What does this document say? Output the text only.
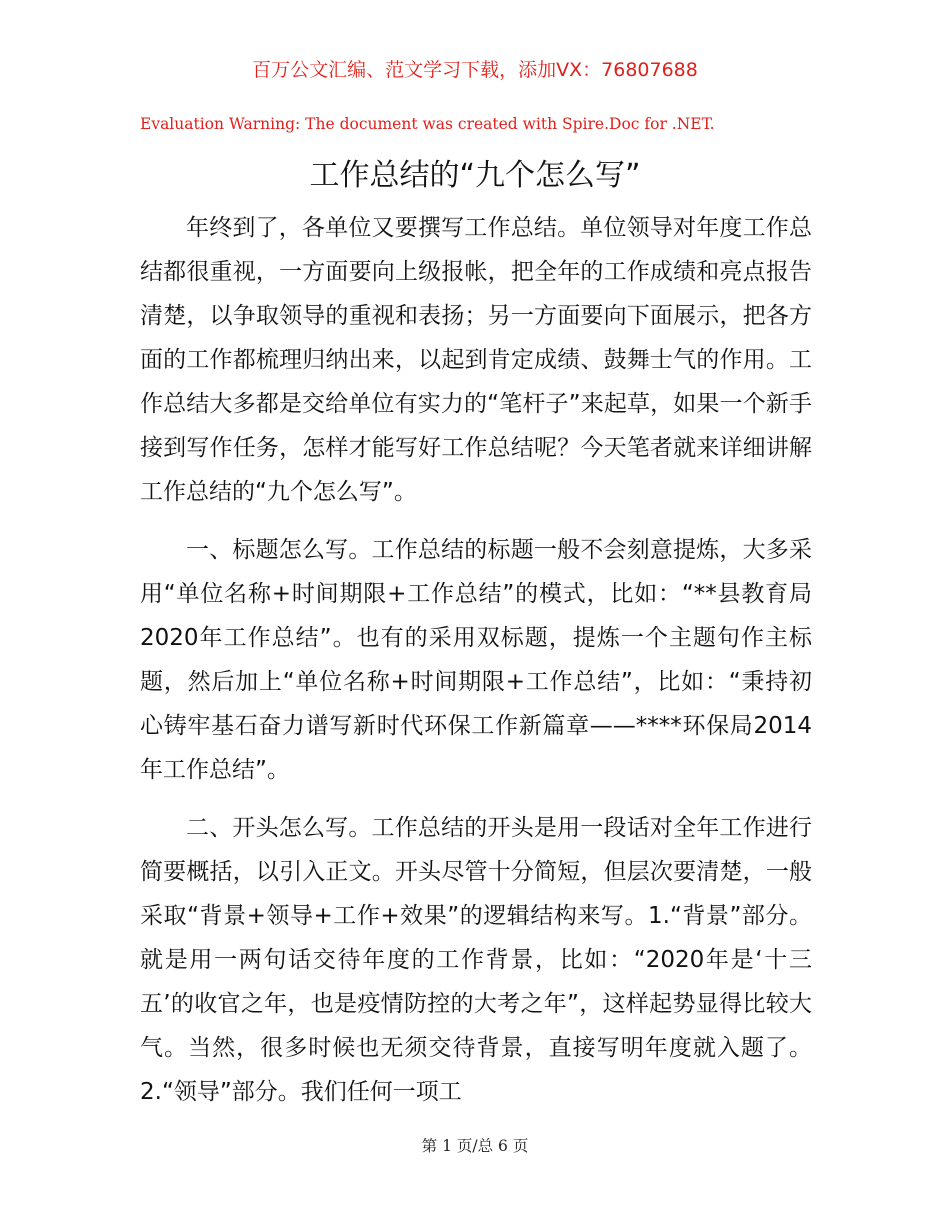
百万公文汇编、范文学习下载，添加VX：76807688
Evaluation Warning: The document was created with Spire.Doc for .NET.
工作总结的“九个怎么写”

年终到了，各单位又要撰写工作总结。单位领导对年度工作总结都很重视，一方面要向上级报帐，把全年的工作成绩和亮点报告清楚，以争取领导的重视和表扬；另一方面要向下面展示，把各方面的工作都梳理归纳出来，以起到肯定成绩、鼓舞士气的作用。工作总结大多都是交给单位有实力的“笔杆子”来起草，如果一个新手接到写作任务，怎样才能写好工作总结呢？今天笔者就来详细讲解工作总结的“九个怎么写”。

一、标题怎么写。工作总结的标题一般不会刻意提炼，大多采用“单位名称+时间期限+工作总结”的模式，比如：“**县教育局2020年工作总结”。也有的采用双标题，提炼一个主题句作主标题，然后加上“单位名称+时间期限+工作总结”，比如：“秉持初心铸牢基石奋力谱写新时代环保工作新篇章——****环保局2014年工作总结”。

二、开头怎么写。工作总结的开头是用一段话对全年工作进行简要概括，以引入正文。开头尽管十分简短，但层次要清楚，一般采取“背景+领导+工作+效果”的逻辑结构来写。1.“背景”部分。就是用一两句话交待年度的工作背景，比如：“2020年是‘十三五’的收官之年，也是疫情防控的大考之年”，这样起势显得比较大气。当然，很多时候也无须交待背景，直接写明年度就入题了。2.“领导”部分。我们任何一项工

第 1 页/总 6 页
